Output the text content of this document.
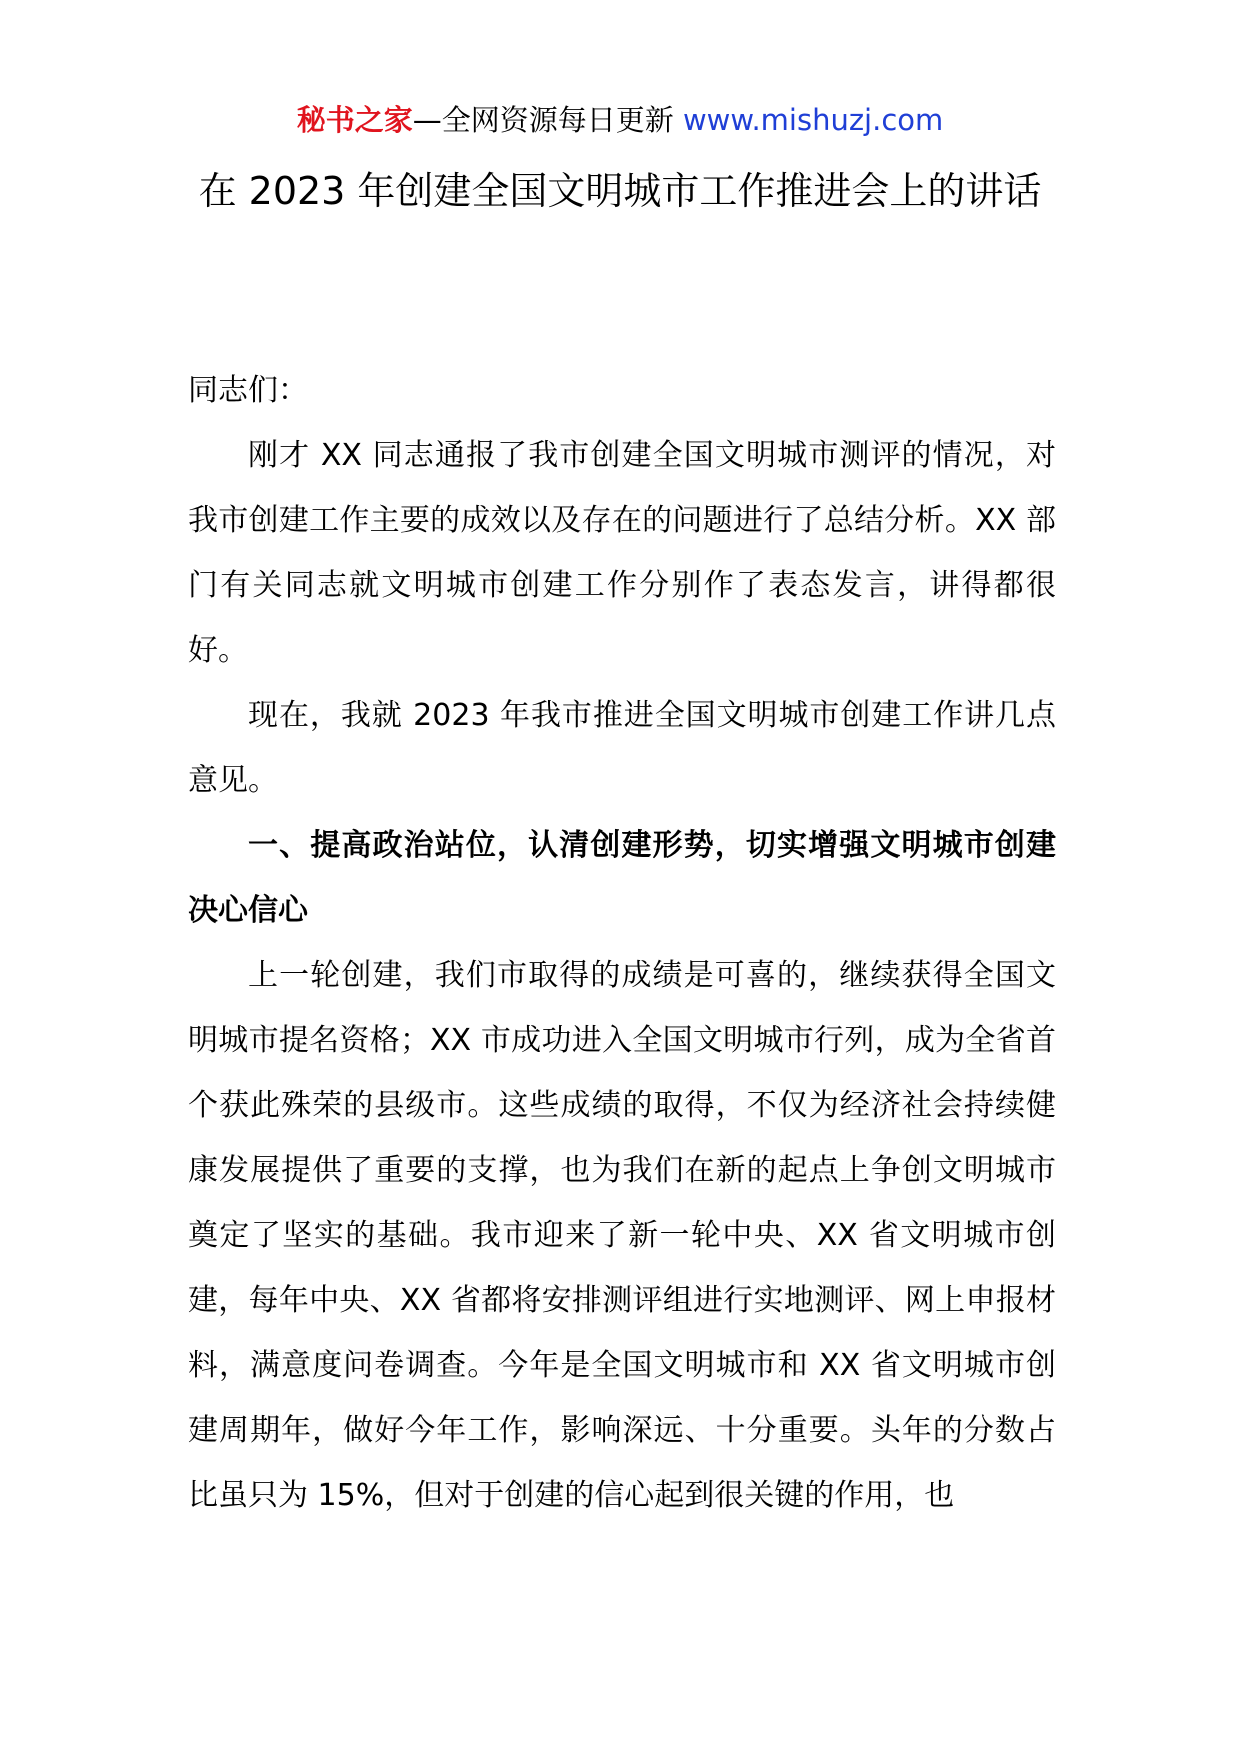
秘书之家—全网资源每日更新 www.mishuzj.com
在 2023 年创建全国文明城市工作推进会上的讲话

同志们：

刚才 XX 同志通报了我市创建全国文明城市测评的情况，对我市创建工作主要的成效以及存在的问题进行了总结分析。XX 部门有关同志就文明城市创建工作分别作了表态发言，讲得都很好。

现在，我就 2023 年我市推进全国文明城市创建工作讲几点意见。

一、提高政治站位，认清创建形势，切实增强文明城市创建决心信心

上一轮创建，我们市取得的成绩是可喜的，继续获得全国文明城市提名资格；XX 市成功进入全国文明城市行列，成为全省首个获此殊荣的县级市。这些成绩的取得，不仅为经济社会持续健康发展提供了重要的支撑，也为我们在新的起点上争创文明城市奠定了坚实的基础。我市迎来了新一轮中央、XX 省文明城市创建，每年中央、XX 省都将安排测评组进行实地测评、网上申报材料，满意度问卷调查。今年是全国文明城市和 XX 省文明城市创建周期年，做好今年工作，影响深远、十分重要。头年的分数占比虽只为 15%，但对于创建的信心起到很关键的作用，也
